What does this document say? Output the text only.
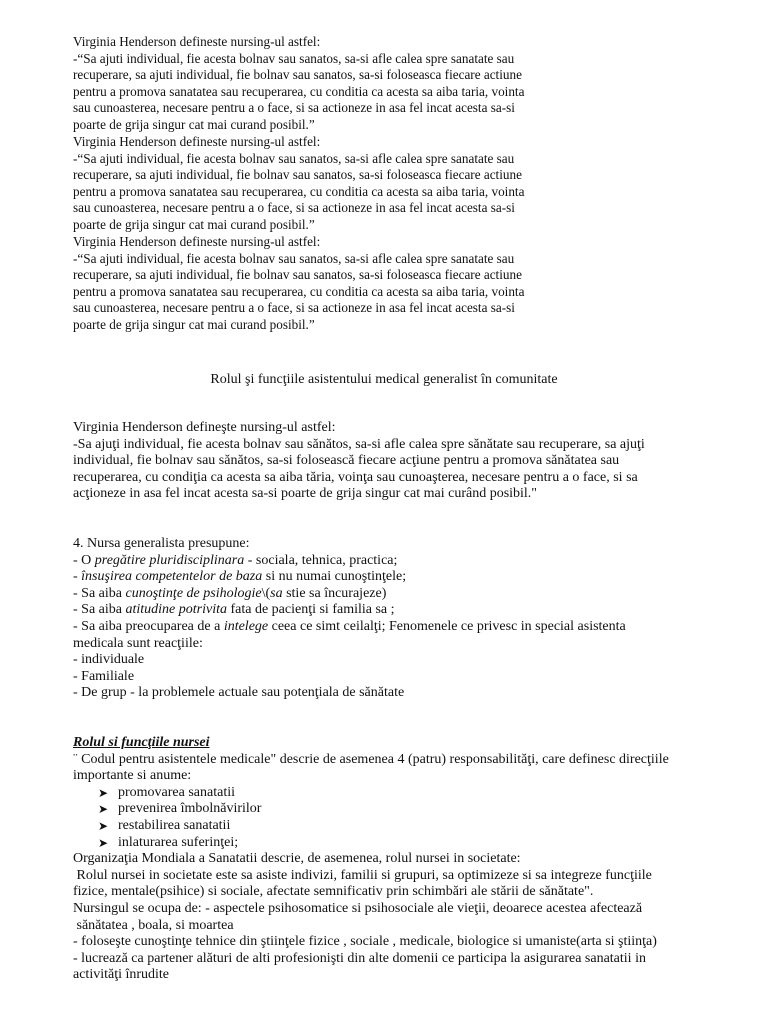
Virginia Henderson defineste nursing-ul astfel:
-“Sa ajuti individual, fie acesta bolnav sau sanatos, sa-si afle calea spre sanatate sau
recuperare, sa ajuti individual, fie bolnav sau sanatos, sa-si foloseasca fiecare actiune
pentru a promova sanatatea sau recuperarea, cu conditia ca acesta sa aiba taria, vointa
sau cunoasterea, necesare pentru a o face, si sa actioneze in asa fel incat acesta sa-si
poarte de grija singur cat mai curand posibil.”
Virginia Henderson defineste nursing-ul astfel:
-“Sa ajuti individual, fie acesta bolnav sau sanatos, sa-si afle calea spre sanatate sau
recuperare, sa ajuti individual, fie bolnav sau sanatos, sa-si foloseasca fiecare actiune
pentru a promova sanatatea sau recuperarea, cu conditia ca acesta sa aiba taria, vointa
sau cunoasterea, necesare pentru a o face, si sa actioneze in asa fel incat acesta sa-si
poarte de grija singur cat mai curand posibil.”
Virginia Henderson defineste nursing-ul astfel:
-“Sa ajuti individual, fie acesta bolnav sau sanatos, sa-si afle calea spre sanatate sau
recuperare, sa ajuti individual, fie bolnav sau sanatos, sa-si foloseasca fiecare actiune
pentru a promova sanatatea sau recuperarea, cu conditia ca acesta sa aiba taria, vointa
sau cunoasterea, necesare pentru a o face, si sa actioneze in asa fel incat acesta sa-si
poarte de grija singur cat mai curand posibil.”

Rolul şi funcţiile asistentului medical generalist în comunitate

Virginia Henderson defineşte nursing-ul astfel:
-Sa ajuţi individual, fie acesta bolnav sau sănătos, sa-si afle calea spre sănătate sau recuperare, sa ajuţi
individual, fie bolnav sau sănătos, sa-si folosească fiecare acţiune pentru a promova sănătatea sau
recuperarea, cu condiţia ca acesta sa aiba tăria, voinţa sau cunoaşterea, necesare pentru a o face, si sa
acţioneze in asa fel incat acesta sa-si poarte de grija singur cat mai curând posibil."
4. Nursa generalista presupune:
- O pregătire pluridisciplinara - sociala, tehnica, practica;
- însuşirea competentelor de baza si nu numai cunoştinţele;
- Sa aiba cunoştinţe de psihologie\(sa stie sa încurajeze)
- Sa aiba atitudine potrivita fata de pacienţi si familia sa ;
- Sa aiba preocuparea de a intelege ceea ce simt ceilalţi; Fenomenele ce privesc in special asistenta
medicala sunt reacţiile:
- individuale
- Familiale
- De grup - la problemele actuale sau potenţiala de sănătate
Rolul si funcţiile nursei
¨ Codul pentru asistentele medicale" descrie de asemenea 4 (patru) responsabilităţi, care definesc direcţiile
importante si anume:
➤ promovarea sanatatii
➤ prevenirea îmbolnăvirilor
➤ restabilirea sanatatii
➤ inlaturarea suferinţei;
Organizaţia Mondiala a Sanatatii descrie, de asemenea, rolul nursei in societate:
Rolul nursei in societate este sa asiste indivizi, familii si grupuri, sa optimizeze si sa integreze funcţiile
fizice, mentale(psihice) si sociale, afectate semnificativ prin schimbări ale stării de sănătate".
Nursingul se ocupa de: - aspectele psihosomatice si psihosociale ale vieţii, deoarece acestea afectează
sănătatea , boala, si moartea
- foloseşte cunoştinţe tehnice din ştiinţele fizice , sociale , medicale, biologice si umaniste(arta si ştiinţa)
- lucrează ca partener alături de alti profesionişti din alte domenii ce participa la asigurarea sanatatii in
activităţi înrudite
